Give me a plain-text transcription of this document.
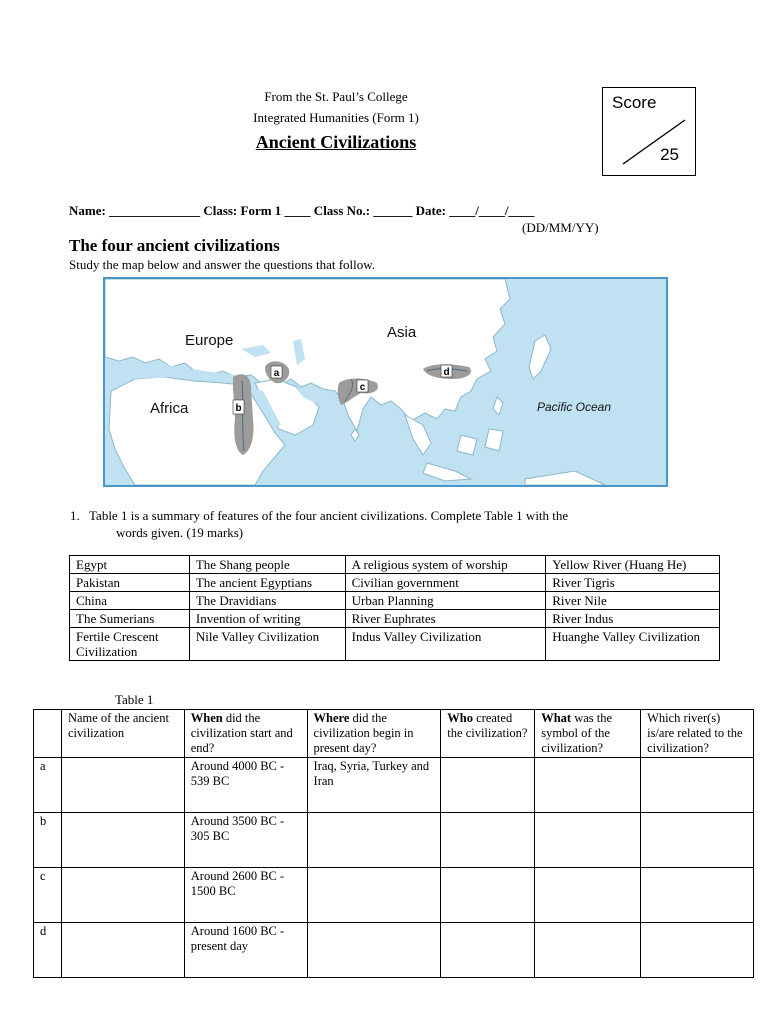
From the St. Paul’s College
Integrated Humanities (Form 1)
Ancient Civilizations
Score
25
Name: ______________ Class: Form 1 ____ Class No.: ______ Date: ____/____/____
(DD/MM/YY)
The four ancient civilizations
Study the map below and answer the questions that follow.
a
b
c
d
Europe	Asia
Africa	Pacific Ocean
1. Table 1 is a summary of features of the four ancient civilizations. Complete Table 1 with the
words given. (19 marks)
Egypt	The Shang people	A religious system of worship	Yellow River (Huang He)
Pakistan	The ancient Egyptians	Civilian government	River Tigris
China	The Dravidians	Urban Planning	River Nile
The Sumerians	Invention of writing	River Euphrates	River Indus
Fertile Crescent Civilization	Nile Valley Civilization	Indus Valley Civilization	Huanghe Valley Civilization
Table 1
	Name of the ancient civilization	When did the civilization start and end?	Where did the civilization begin in present day?	Who created the civilization?	What was the symbol of the civilization?	Which river(s) is/are related to the civilization?
a		Around 4000 BC - 539 BC	Iraq, Syria, Turkey and Iran			
b		Around 3500 BC - 305 BC				
c		Around 2600 BC - 1500 BC				
d		Around 1600 BC - present day				
